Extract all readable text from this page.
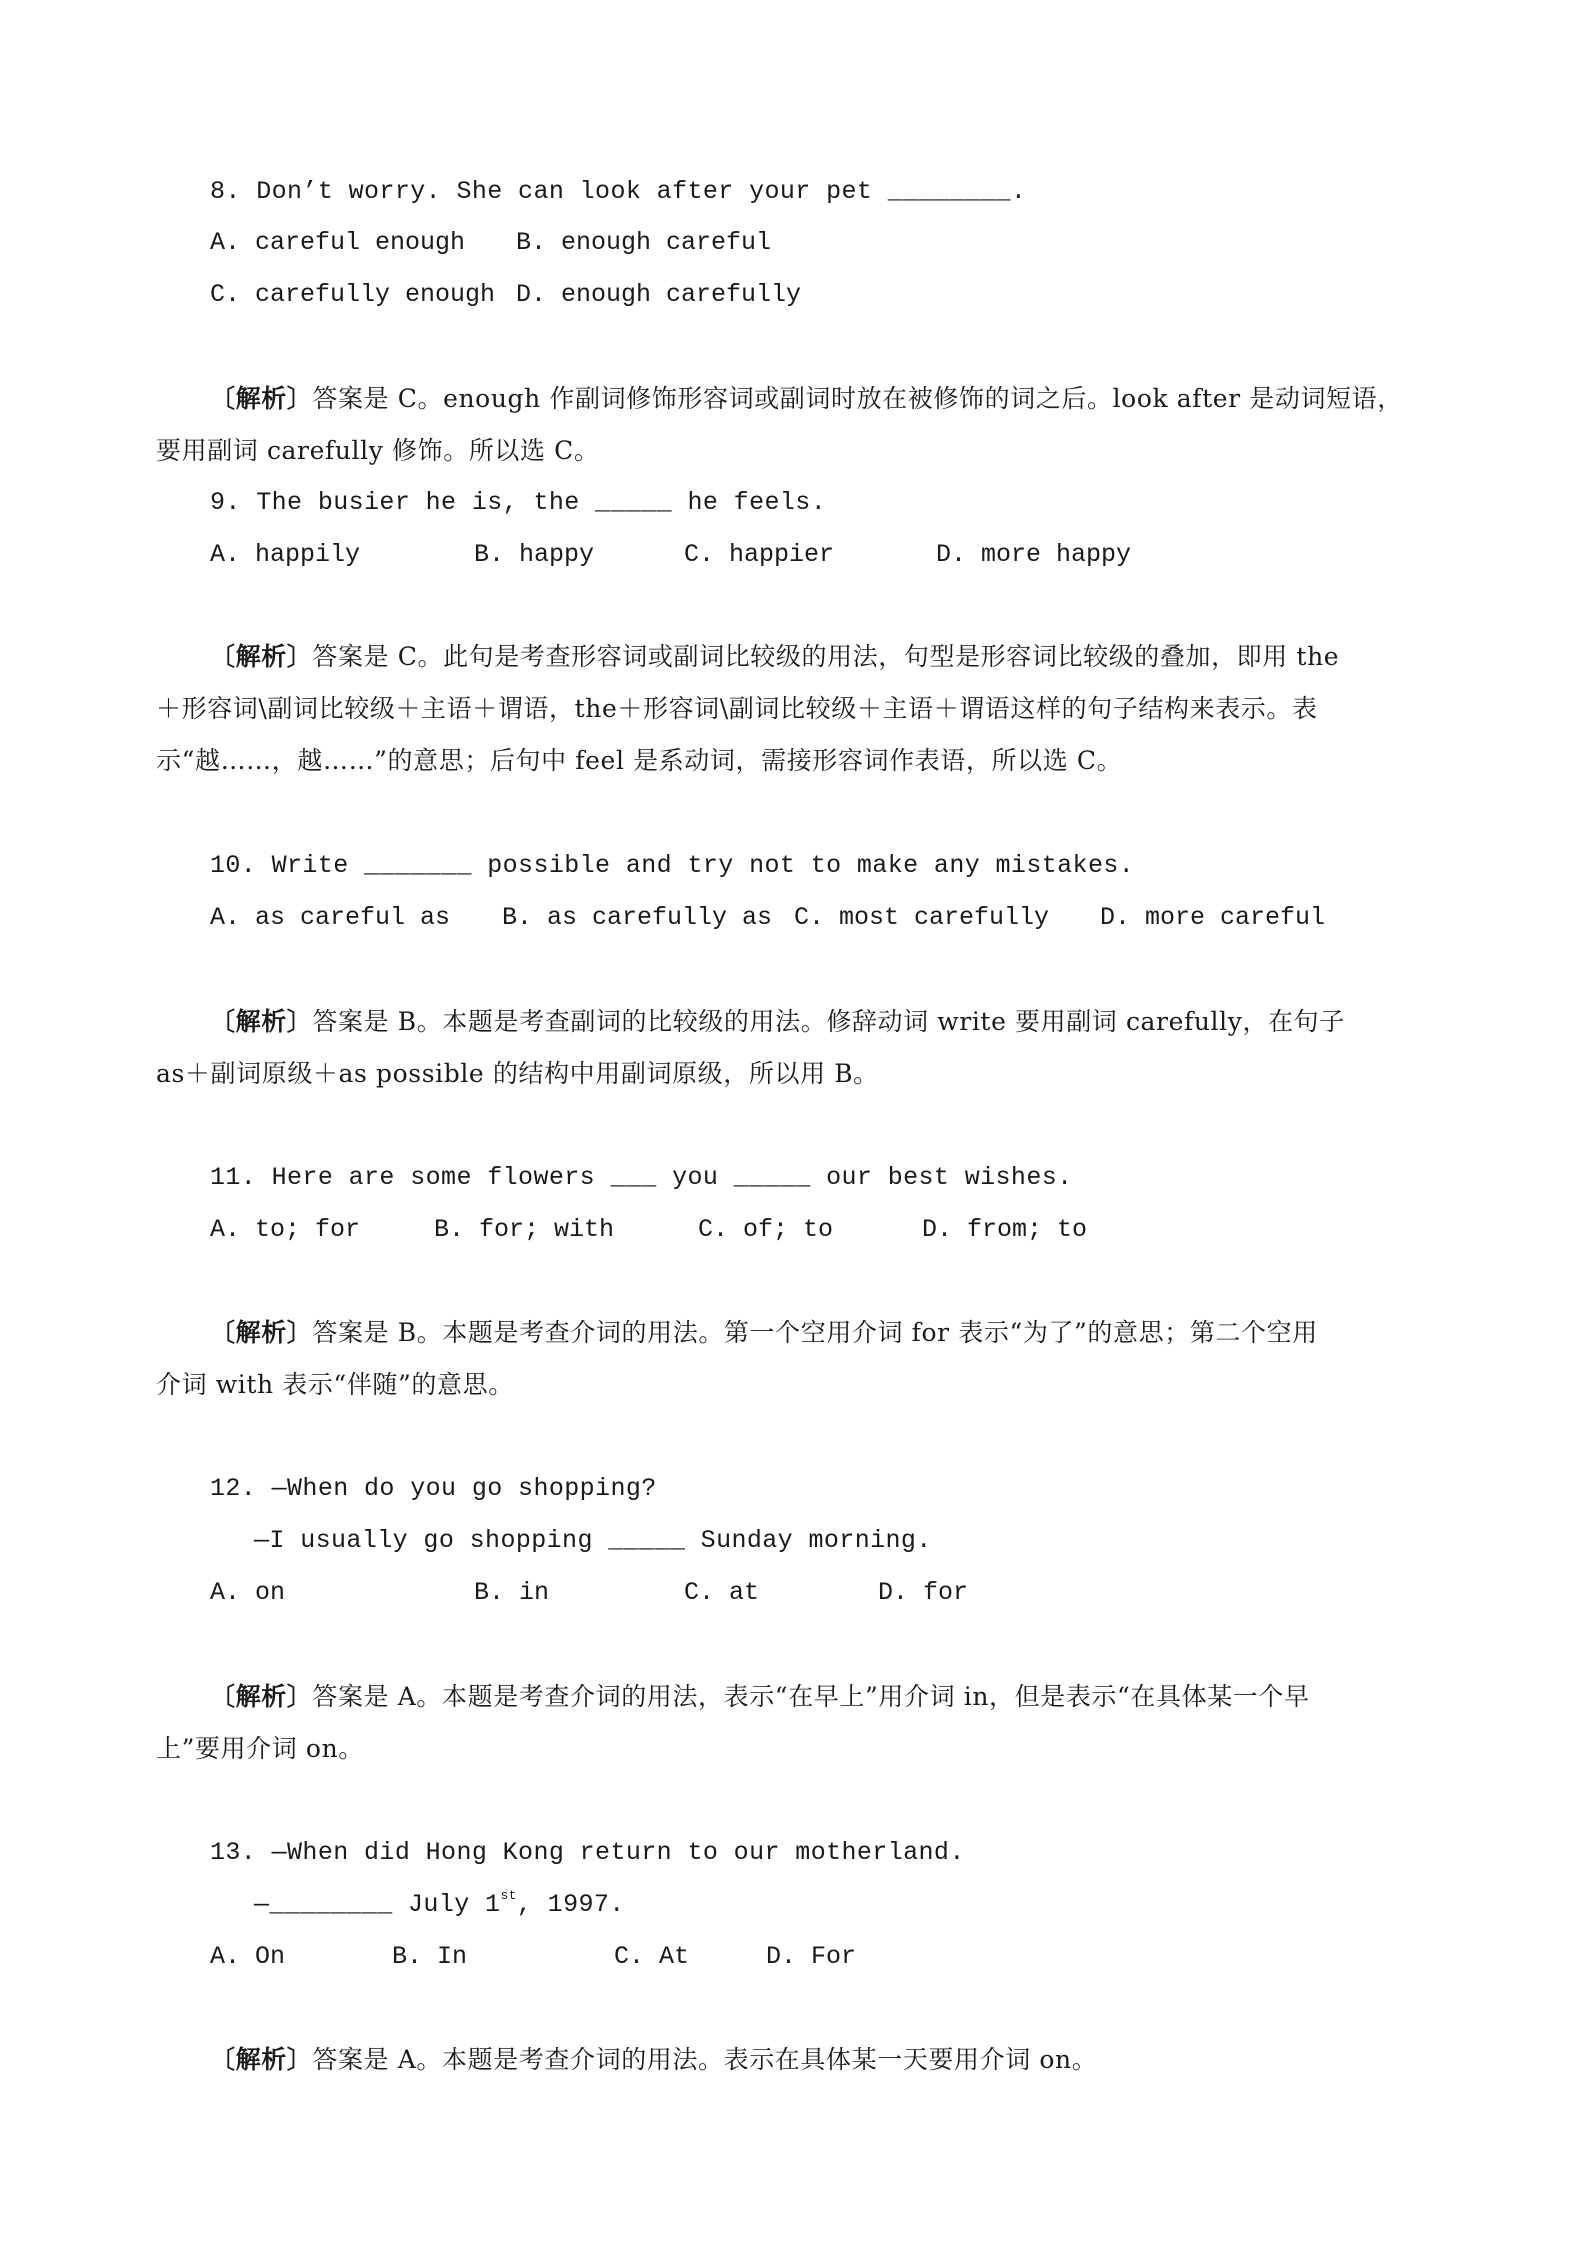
8. Don’t worry. She can look after your pet ________.
A. careful enough B. enough careful
C. carefully enough D. enough carefully
〔解析〕答案是 C。enough 作副词修饰形容词或副词时放在被修饰的词之后。look after 是动词短语，
要用副词 carefully 修饰。所以选 C。
9. The busier he is, the _____ he feels.
A. happily	B. happy	C. happier	D. more happy
〔解析〕答案是 C。此句是考查形容词或副词比较级的用法，句型是形容词比较级的叠加，即用 the
＋形容词\副词比较级＋主语＋谓语，the＋形容词\副词比较级＋主语＋谓语这样的句子结构来表示。表
示“越……，越……”的意思；后句中 feel 是系动词，需接形容词作表语，所以选 C。
10. Write _______ possible and try not to make any mistakes.
A. as careful as B. as carefully as C. most carefully D. more careful
〔解析〕答案是 B。本题是考查副词的比较级的用法。修辞动词 write 要用副词 carefully，在句子
as＋副词原级＋as possible 的结构中用副词原级，所以用 B。
11. Here are some flowers ___ you _____ our best wishes.
A. to; for	B. for; with	C. of; to	D. from; to
〔解析〕答案是 B。本题是考查介词的用法。第一个空用介词 for 表示“为了”的意思；第二个空用
介词 with 表示“伴随”的意思。
12. —When do you go shopping?
—I usually go shopping _____ Sunday morning.
A. on	B. in	C. at	D. for
〔解析〕答案是 A。本题是考查介词的用法，表示“在早上”用介词 in，但是表示“在具体某一个早
上”要用介词 on。
13. —When did Hong Kong return to our motherland.
—________ July 1st, 1997.
A. On	B. In	C. At	D. For
〔解析〕答案是 A。本题是考查介词的用法。表示在具体某一天要用介词 on。
